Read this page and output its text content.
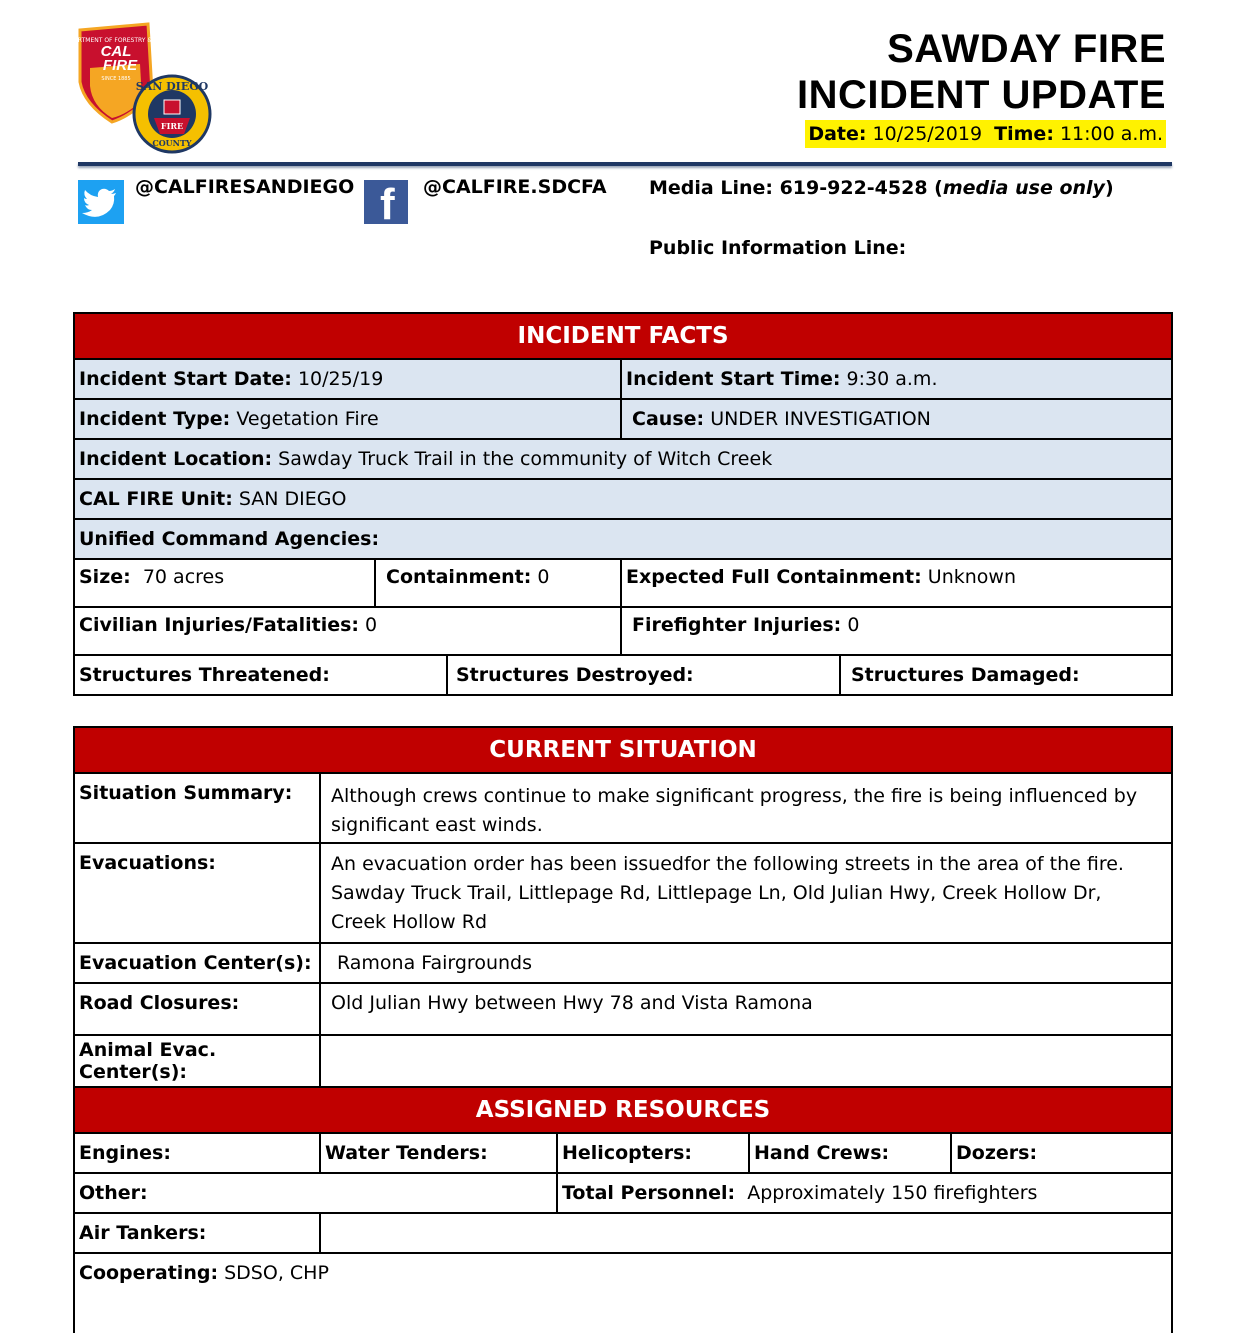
CALIFORNIA DEPARTMENT OF FORESTRY & FIRE PROTECTION
CAL
FIRE
SINCE 1885
SAN DIEGO
FIRE
COUNTY
SAWDAY FIRE
INCIDENT UPDATE
Date: 10/25/2019 Time: 11:00 a.m.
@CALFIRESANDIEGO f @CALFIRE.SDCFA Media Line: 619-922-4528 (media use only)
Public Information Line:
INCIDENT FACTS				
Incident Start Date: 10/25/19			Incident Start Time: 9:30 a.m.	
Incident Type: Vegetation Fire			Cause: UNDER INVESTIGATION	
Incident Location: Sawday Truck Trail in the community of Witch Creek				
CAL FIRE Unit: SAN DIEGO				
Unified Command Agencies:				
Size: 70 acres	Containment: 0		Expected Full Containment: Unknown	
Civilian Injuries/Fatalities: 0			Firefighter Injuries: 0	
Structures Threatened:		Structures Destroyed:		Structures Damaged:
CURRENT SITUATION				
Situation Summary:	Although crews continue to make significant progress, the fire is being influenced by significant east winds.			
Evacuations:	An evacuation order has been issuedfor the following streets in the area of the fire.
Sawday Truck Trail, Littlepage Rd, Littlepage Ln, Old Julian Hwy, Creek Hollow Dr,
Creek Hollow Rd			

Evacuation Center(s):	Ramona Fairgrounds			
Road Closures:	Old Julian Hwy between Hwy 78 and Vista Ramona			
Animal Evac. Center(s):				
ASSIGNED RESOURCES				
Engines:	Water Tenders:	Helicopters:	Hand Crews:	Dozers:
Other:		Total Personnel: Approximately 150 firefighters		
Air Tankers:				
Cooperating: SDSO, CHP				
